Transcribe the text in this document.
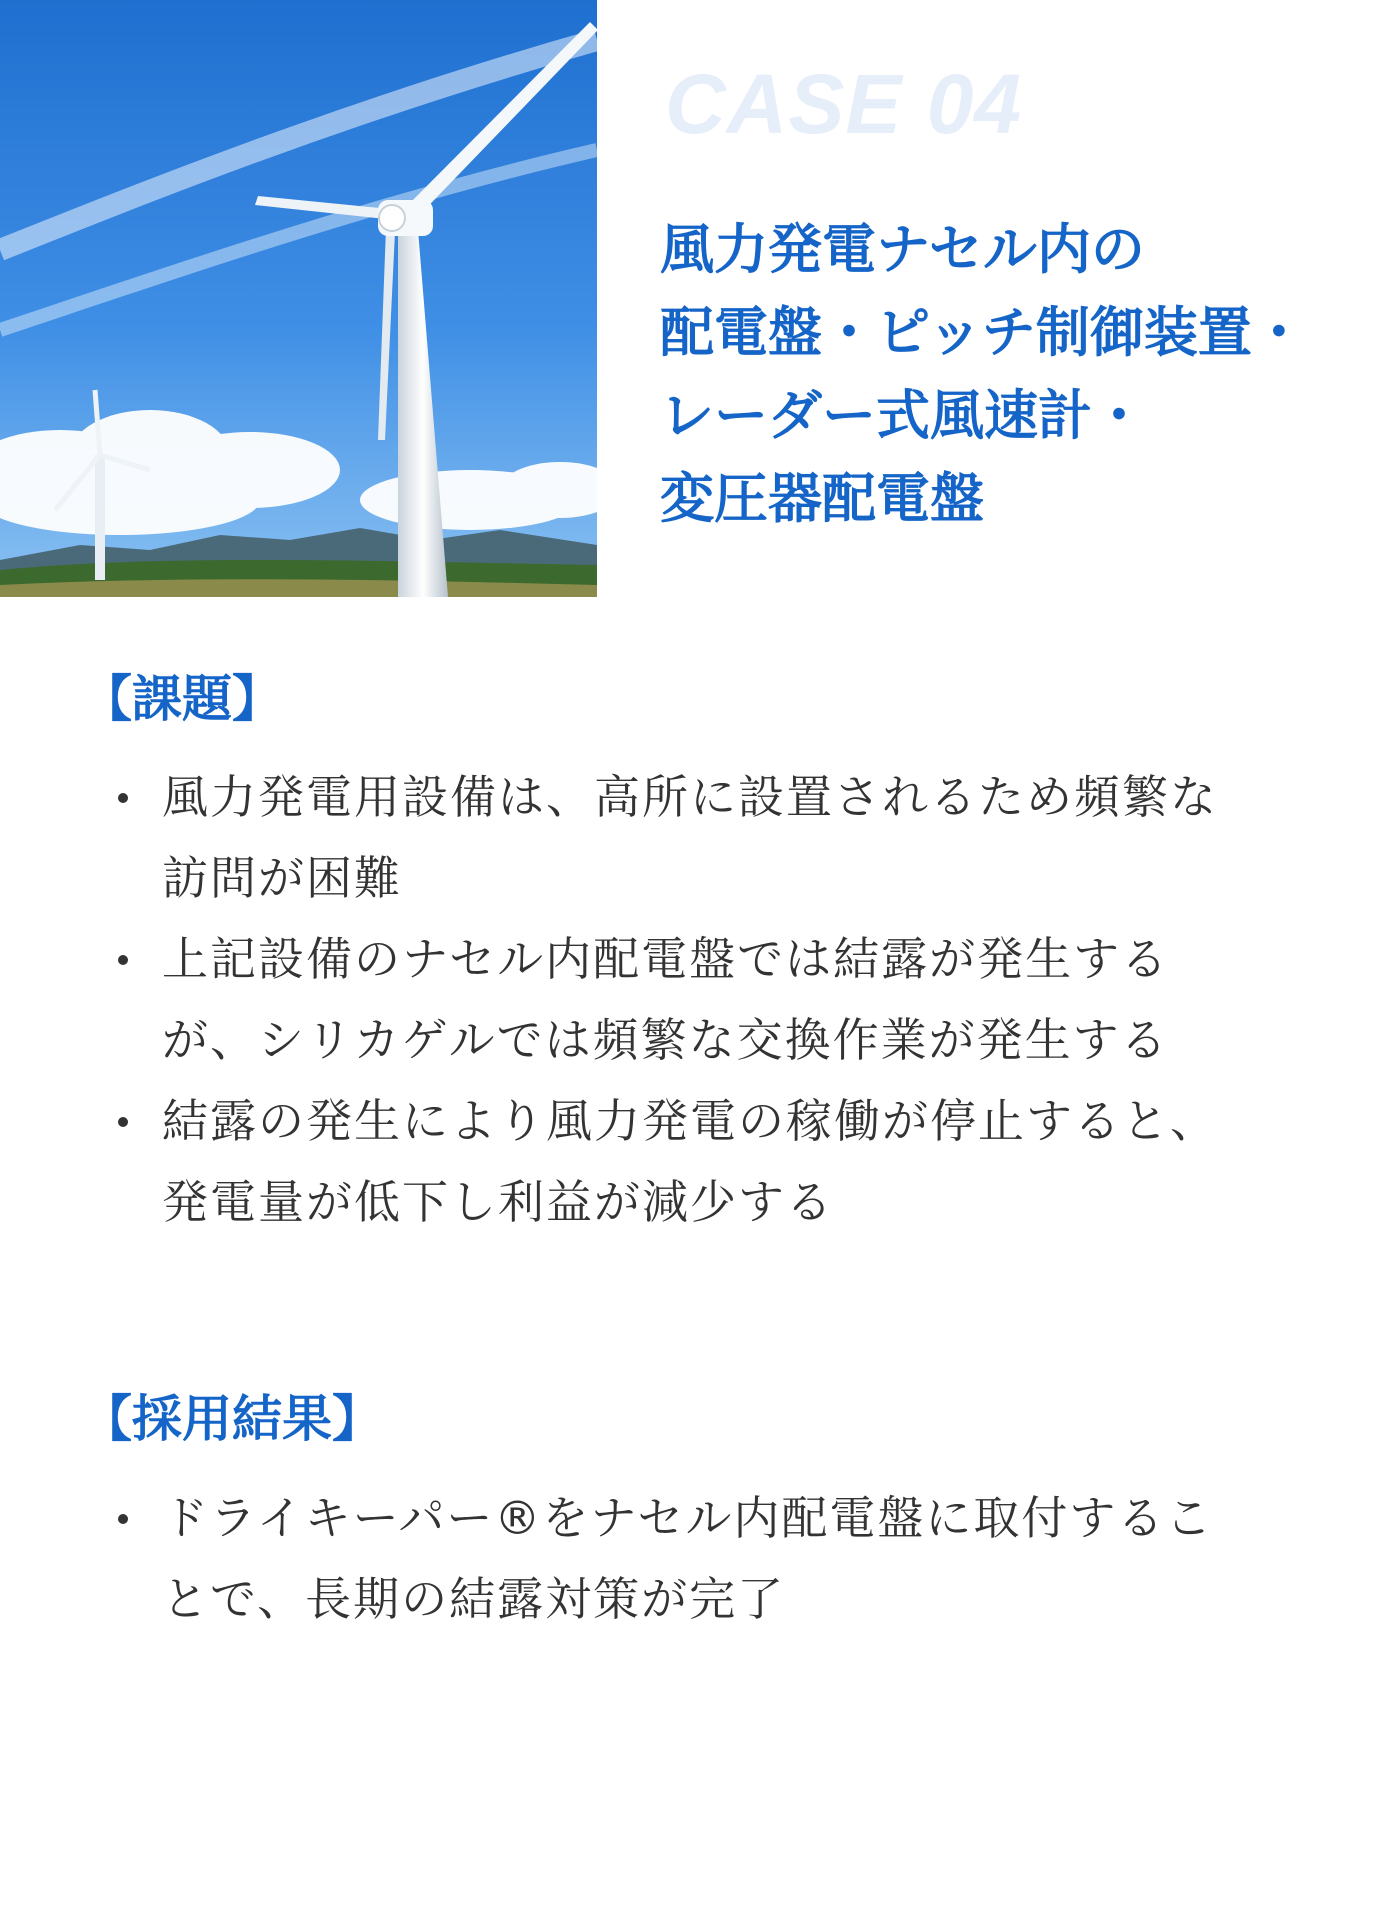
CASE 04
風力発電ナセル内の
配電盤・ピッチ制御装置・
レーダー式風速計・
変圧器配電盤
【課題】
風力発電用設備は、高所に設置されるため頻繁な訪問が困難
上記設備のナセル内配電盤では結露が発生するが、シリカゲルでは頻繁な交換作業が発生する
結露の発生により風力発電の稼働が停止すると、発電量が低下し利益が減少する
【採用結果】
ドライキーパー®をナセル内配電盤に取付することで、長期の結露対策が完了
